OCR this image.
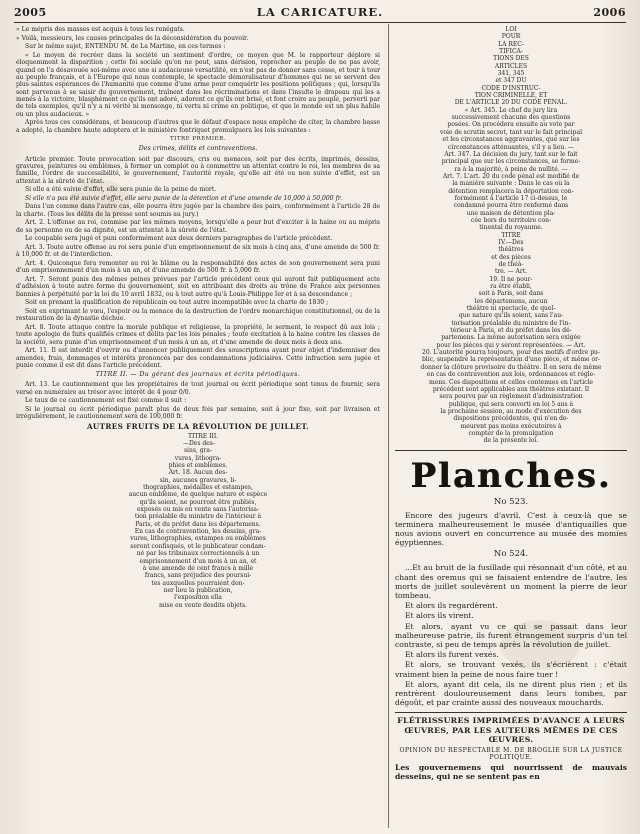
2005	LA CARICATURE.	2006

« Le mépris des masses est acquis à tous les renégats.

« Voilà, messieurs, les causes principales de la déconsidération du pouvoir.

Sur le même sujet, ENTENDU M. de La Martine, en ces termes :

« Le moyen de recréer dans la société un sentiment d'ordre, ce moyen que M. le rapporteur déplore si éloquemment la disparition ; cette foi sociale qu'on ne peut, sans dérision, reprocher au peuple de ne pas avoir, quand on l'a désavouée soi-même avec une si audacieuse versatilité, en n'est pas de donner sans cesse, et tour à tour au peuple français, et à l'Europe qui nous contemple, le spectacle démoralisateur d'hommes qui ne se servent des plus saintes espérances de l'humanité que comme d'une arme pour conquérir les positions politiques ; qui, lorsqu'ils sont parvenus à se saisir du gouvernement, traînent dans les récriminations et dans l'insulte le drapeau qui les a menés à la victoire, blasphèment ce qu'ils ont adoré, adorent ce qu'ils ont brisé, et font croire au peuple, perverti par de tels exemples, qu'il n'y a ni vérité ni mensonge, ni vertu ni crime en politique, et que le monde est un plus habile ou un plus audacieux. »

Après tous ces considérans, et beaucoup d'autres que le défaut d'espace nous empêche de citer, la chambre basse a adopté, la chambre haute adoptera et le ministère fontriquet promulguera les lois suivantes :

TITRE PREMIER.

Des crimes, délits et contraventions.

Article premier. Toute provocation soit par discours, cris ou menaces, soit par des écrits, imprimés, dessins, gravures, peintures ou emblèmes, à former un complot ou à commettre un attentat contre le roi, les membres de sa famille, l'ordre de successibilité, le gouvernement, l'autorité royale, qu'elle ait été ou non suivie d'effet, est un attentat à la sûreté de l'état.

Si elle a été suivie d'effet, elle sera punie de la peine de mort.

Si elle n'a pas été suivie d'effet, elle sera punie de la détention et d'une amende de 10,000 à 50,000 fr.

Dans l'un comme dans l'autre cas, elle pourra être jugée par la chambre des pairs, conformément à l'article 28 de la charte. (Tous les délits de la presse sont soumis au jury.)

Art. 2. L'offense au roi, commise par les mêmes moyens, lorsqu'elle a pour but d'exciter à la haine ou au mépris de sa personne ou de sa dignité, est un attentat à la sûreté de l'état.

Le coupable sera jugé et puni conformément aux deux derniers paragraphes de l'article précédent.

Art. 3. Toute autre offense au roi sera punie d'un emprisonnement de six mois à cinq ans, d'une amende de 500 fr. à 10,000 fr. et de l'interdiction.

Art. 4. Quiconque fera remonter au roi le blâme ou la responsabilité des actes de son gouvernement sera puni d'un emprisonnement d'un mois à un an, et d'une amende de 500 fr. à 5,000 fr.

Art. 7. Seront punis des mêmes peines prévues par l'article précédent ceux qui auront fait publiquement acte d'adhésion à toute autre forme du gouvernement, soit en attribuant des droits au trône de France aux personnes bannies à perpétuité par la loi du 10 avril 1832, ou à tout autre qu'à Louis-Philippe Ier et à sa descendance ;

Soit en prenant la qualification de républicain ou tout autre incompatible avec la charte de 1830 ;

Soit en exprimant le vœu, l'espoir ou la menace de la destruction de l'ordre monarchique constitutionnel, ou de la restauration de la dynastie déchue.

Art. 8. Toute attaque contre la morale publique et religieuse, la propriété, le serment, le respect dû aux lois ; toute apologie de faits qualifiés crimes et délits par les lois pénales ; toute excitation à la haine contre les classes de la société, sera punie d'un emprisonnement d'un mois à un an, et d'une amende de deux mois à deux ans.

Art. 11. Il est interdit d'ouvrir ou d'annoncer publiquement des souscriptions ayant pour objet d'indemniser des amendes, frais, dommages et intérêts prononcés par des condamnations judiciaires. Cette infraction sera jugée et punie comme il est dit dans l'article précédent.

TITRE II. — Du gérant des journaux et écrits périodiques.

Art. 13. Le cautionnement que les propriétaires de tout journal ou écrit périodique sont tenus de fournir, sera versé en numéraire au trésor avec intérêt de 4 pour 0/0.

Le taux de ce cautionnement est fixé comme il suit :

Si le journal ou écrit périodique paraît plus de deux fois par semaine, soit à jour fixe, soit par livraison et irrégulièrement, le cautionnement sera de 100,000 fr.

AUTRES FRUITS DE LA RÉVOLUTION DE JUILLET.

TITRE III.
—Des des-
sins, gra-
vures, lithogra-
phies et emblèmes.
Art. 18. Aucun des-
sin, aucunes gravures, li-
thographies, médailles et estampes,
aucun emblème, de quelque nature et espèce
qu'ils soient, ne pourront être publiés,
exposés ou mis en vente sans l'autorisa-
tion préalable du ministre de l'intérieur à
Paris, et du préfet dans les départemens.
En cas de contravention, les dessins, gra-
vures, lithographies, estampes ou emblèmes
seront confisqués, et le publicateur condam-
né par les tribunaux correctionnels à un
emprisonnement d'un mois à un an, et
à une amende de cent francs à mille
francs, sans préjudice des poursui-
tes auxquelles pourraient don-
ner lieu la publication,
l'exposition ella
mise en vente desdits objets.
LOI
POUR
LA REC-
TIFICA-
TIONS DES
ARTICLES
341, 345
et 347 DU
CODE D'INSTRUC-
TION CRIMINELLE, ET
DE L'ARTICLE 20 DU CODE PÉNAL.
« Art. 345. Le chef du jury lira
successivement chacune des questions
posées. On procédera ensuite au vote par
voie de scrutin secret, tant sur le fait principal
et les circonstances aggravantes, que sur les
circonstances atténuantes, s'il y a lieu. —
Art. 347. La décision du jury, tant sur le fait
principal que sur les circonstances, se forme-
ra à la majorité, à peine de nullité. —
Art. 7. L'art. 20 du code pénal est modifié de
la manière suivante : Dans le cas où la
détention remplacera la déportation con-
formément à l'article 17 ci-dessus, le
condamné pourra être renfermé dans
une maison de détention pla-
cée hors du territoire con-
tinental du royaume.
TITRE
IV.—Des
théâtres
et des pièces
de théâ-
tre. — Art.
19. Il ne pour-
ra être établi,
soit à Paris, soit dans
les départemens, aucun
théâtre ni spectacle, de quel-
que nature qu'ils soient, sans l'au-
torisation préalable du ministre de l'in-
térieur à Paris, et du préfet dans les dé-
partemens. La même autorisation sera exigée
pour les pièces qui y seront représentées. — Art.
20. L'autorité pourra toujours, pour des motifs d'ordre pu-
blic, suspendre la représentation d'une pièce, et même or-
donner la clôture provisoire du théâtre. Il en sera de même
en cas de contravention aux lois, ordonnances et régle-
mens. Ces dispositions et celles contenues en l'article
précédent sont applicables aux théâtres existant. Il
sera pourvu par un règlement d'administration
publique, qui sera converti en loi 5 ans à
la prochaine session, au mode d'exécution des
dispositions précédentes, qui n'en de-
meurent pas moins exécutoires à
compter de la promulgation
de la présente loi.
Planches.

No 523.

Encore des jugeurs d'avril. C'est à ceux-là que se terminera malheureusement le musée d'antiquailles que nous avions ouvert en concurrence au musée des momies égyptiennes.

No 524.

...Et au bruit de la fusillade qui résonnait d'un côté, et au chant des oremus qui se faisaient entendre de l'autre, les morts de juillet soulevèrent un moment la pierre de leur tombeau.

Et alors ils regardèrent.

Et alors ils virent.

Et alors, ayant vu ce qui se passait dans leur malheureuse patrie, ils furent étrangement surpris d'un tel contraste, si peu de temps après la révolution de juillet.

Et alors ils furent vexés.

Et alors, se trouvant vexés, ils s'écrièrent : c'était vraiment bien la peine de nous faire tuer !

Et alors, ayant dit cela, ils ne dirent plus rien ; et ils rentrèrent douloureusement dans leurs tombes, par dégoût, et par crainte aussi des nouveaux mouchards.

FLÉTRISSURES IMPRIMÉES D'AVANCE A LEURS ŒUVRES, PAR LES AUTEURS MÊMES DE CES ŒUVRES.

OPINION DU RESPECTABLE M. DE BROGLIE SUR LA JUSTICE POLITIQUE.

Les gouvernemens qui nourrissent de mauvais desseins, qui ne se sentent pas en
